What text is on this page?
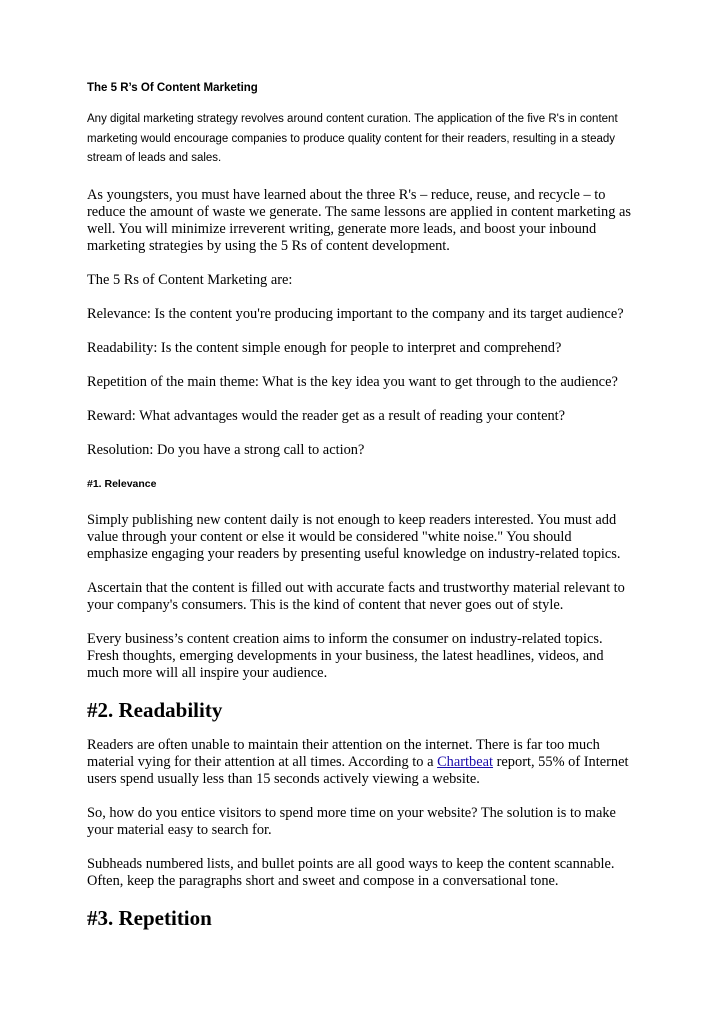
The 5 R’s Of Content Marketing

Any digital marketing strategy revolves around content curation. The application of the five R's in content marketing would encourage companies to produce quality content for their readers, resulting in a steady stream of leads and sales.

As youngsters, you must have learned about the three R's – reduce, reuse, and recycle – to reduce the amount of waste we generate. The same lessons are applied in content marketing as well. You will minimize irreverent writing, generate more leads, and boost your inbound marketing strategies by using the 5 Rs of content development.

The 5 Rs of Content Marketing are:

Relevance: Is the content you're producing important to the company and its target audience?

Readability: Is the content simple enough for people to interpret and comprehend?

Repetition of the main theme: What is the key idea you want to get through to the audience?

Reward: What advantages would the reader get as a result of reading your content?

Resolution: Do you have a strong call to action?

#1. Relevance

Simply publishing new content daily is not enough to keep readers interested. You must add value through your content or else it would be considered "white noise." You should emphasize engaging your readers by presenting useful knowledge on industry-related topics.

Ascertain that the content is filled out with accurate facts and trustworthy material relevant to your company's consumers. This is the kind of content that never goes out of style.

Every business’s content creation aims to inform the consumer on industry-related topics. Fresh thoughts, emerging developments in your business, the latest headlines, videos, and much more will all inspire your audience.

#2. Readability

Readers are often unable to maintain their attention on the internet. There is far too much material vying for their attention at all times. According to a Chartbeat report, 55% of Internet users spend usually less than 15 seconds actively viewing a website.

So, how do you entice visitors to spend more time on your website? The solution is to make your material easy to search for.

Subheads numbered lists, and bullet points are all good ways to keep the content scannable. Often, keep the paragraphs short and sweet and compose in a conversational tone.

#3. Repetition
